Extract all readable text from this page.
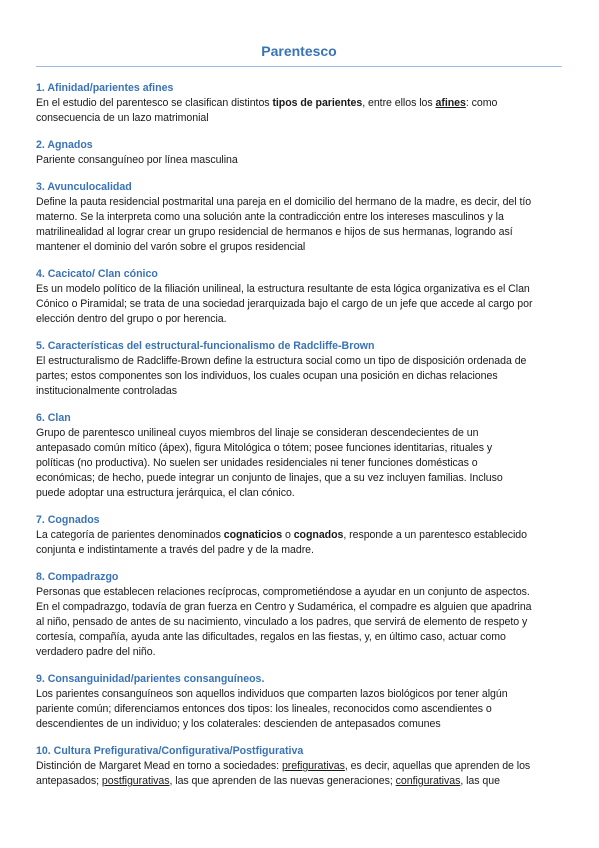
Parentesco
1. Afinidad/parientes afines
En el estudio del parentesco se clasifican distintos tipos de parientes, entre ellos los afines: como
consecuencia de un lazo matrimonial
2. Agnados
Pariente consanguíneo por línea masculina
3. Avunculocalidad
Define la pauta residencial postmarital una pareja en el domicilio del hermano de la madre, es decir, del tío
materno. Se la interpreta como una solución ante la contradicción entre los intereses masculinos y la
matrilinealidad al lograr crear un grupo residencial de hermanos e hijos de sus hermanas, logrando así
mantener el dominio del varón sobre el grupos residencial
4. Cacicato/ Clan cónico
Es un modelo político de la filiación unilineal, la estructura resultante de esta lógica organizativa es el Clan
Cónico o Piramidal; se trata de una sociedad jerarquizada bajo el cargo de un jefe que accede al cargo por
elección dentro del grupo o por herencia.
5. Características del estructural-funcionalismo de Radcliffe-Brown
El estructuralismo de Radcliffe-Brown define la estructura social como un tipo de disposición ordenada de
partes; estos componentes son los individuos, los cuales ocupan una posición en dichas relaciones
institucionalmente controladas
6. Clan
Grupo de parentesco unilineal cuyos miembros del linaje se consideran descendecientes de un
antepasado común mítico (ápex), figura Mitológica o tótem; posee funciones identitarias, rituales y
políticas (no productiva). No suelen ser unidades residenciales ni tener funciones domésticas o
económicas; de hecho, puede integrar un conjunto de linajes, que a su vez incluyen familias. Incluso
puede adoptar una estructura jerárquica, el clan cónico.
7. Cognados
La categoría de parientes denominados cognaticios o cognados, responde a un parentesco establecido
conjunta e indistintamente a través del padre y de la madre.
8. Compadrazgo
Personas que establecen relaciones recíprocas, comprometiéndose a ayudar en un conjunto de aspectos.
En el compadrazgo, todavía de gran fuerza en Centro y Sudamérica, el compadre es alguien que apadrina
al niño, pensado de antes de su nacimiento, vinculado a los padres, que servirá de elemento de respeto y
cortesía, compañía, ayuda ante las dificultades, regalos en las fiestas, y, en último caso, actuar como
verdadero padre del niño.
9. Consanguinidad/parientes consanguíneos.
Los parientes consanguíneos son aquellos individuos que comparten lazos biológicos por tener algún
pariente común; diferenciamos entonces dos tipos: los lineales, reconocidos como ascendientes o
descendientes de un individuo; y los colaterales: descienden de antepasados comunes
10. Cultura Prefigurativa/Configurativa/Postfigurativa
Distinción de Margaret Mead en torno a sociedades: prefigurativas, es decir, aquellas que aprenden de los
antepasados; postfigurativas, las que aprenden de las nuevas generaciones; configurativas, las que
